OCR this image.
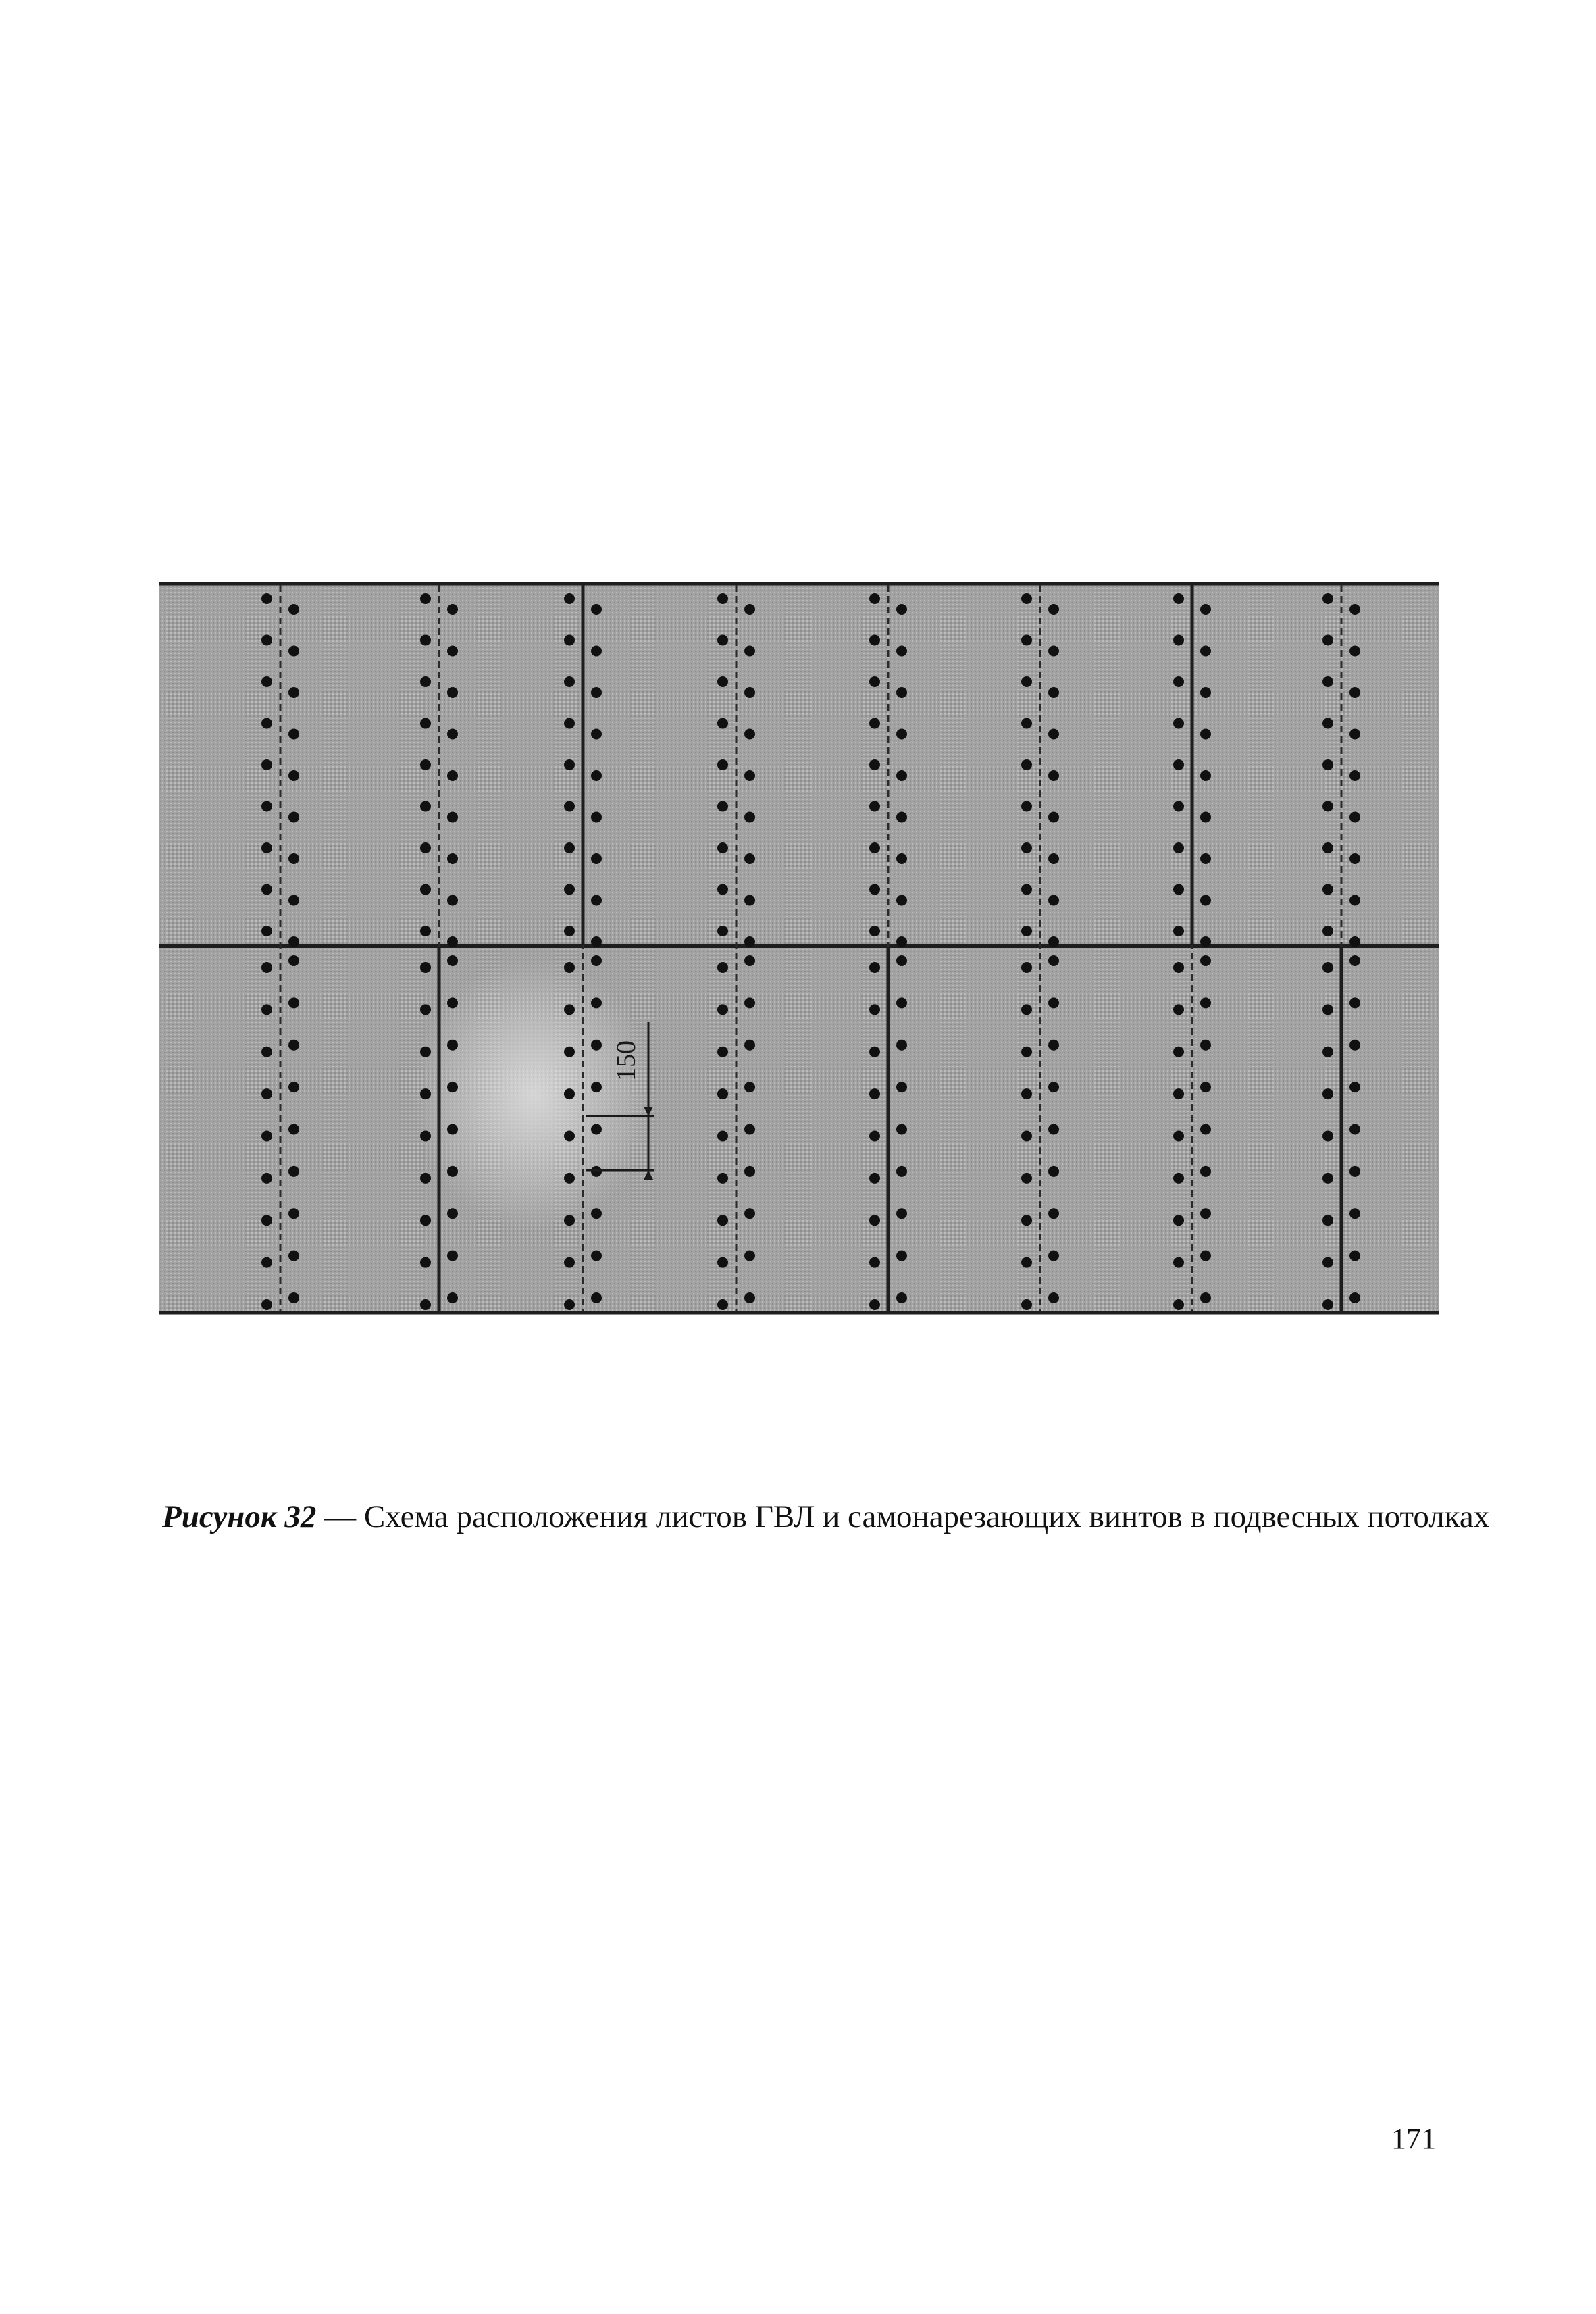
150
Рисунок 32 — Схема расположения листов ГВЛ и самонарезающих винтов в подвесных потолках
171
